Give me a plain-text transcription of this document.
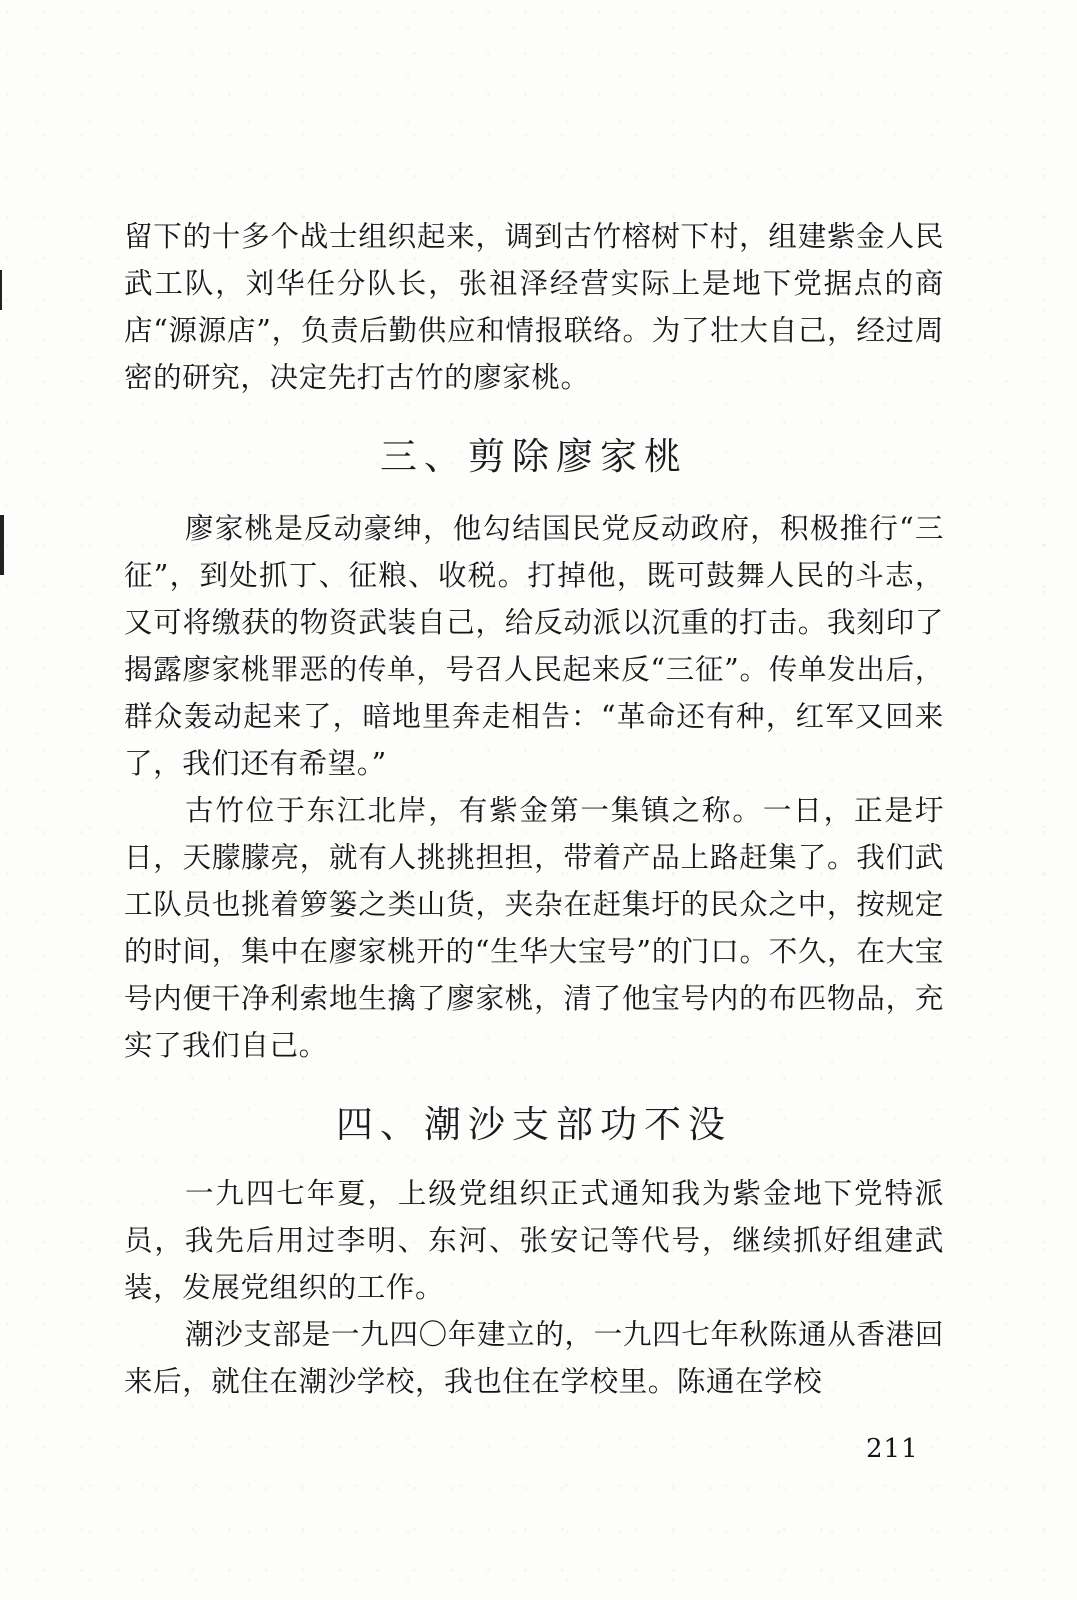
留下的十多个战士组织起来，调到古竹榕树下村，组建紫金人民武工队，刘华任分队长，张祖泽经营实际上是地下党据点的商店“源源店”，负责后勤供应和情报联络。为了壮大自己，经过周密的研究，决定先打古竹的廖家桃。

三、剪除廖家桃

廖家桃是反动豪绅，他勾结国民党反动政府，积极推行“三征”，到处抓丁、征粮、收税。打掉他，既可鼓舞人民的斗志，又可将缴获的物资武装自己，给反动派以沉重的打击。我刻印了揭露廖家桃罪恶的传单，号召人民起来反“三征”。传单发出后，群众轰动起来了，暗地里奔走相告：“革命还有种，红军又回来了，我们还有希望。”

古竹位于东江北岸，有紫金第一集镇之称。一日，正是圩日，天朦朦亮，就有人挑挑担担，带着产品上路赶集了。我们武工队员也挑着箩篓之类山货，夹杂在赶集圩的民众之中，按规定的时间，集中在廖家桃开的“生华大宝号”的门口。不久，在大宝号内便干净利索地生擒了廖家桃，清了他宝号内的布匹物品，充实了我们自己。

四、潮沙支部功不没

一九四七年夏，上级党组织正式通知我为紫金地下党特派员，我先后用过李明、东河、张安记等代号，继续抓好组建武装，发展党组织的工作。

潮沙支部是一九四〇年建立的，一九四七年秋陈通从香港回来后，就住在潮沙学校，我也住在学校里。陈通在学校

211
